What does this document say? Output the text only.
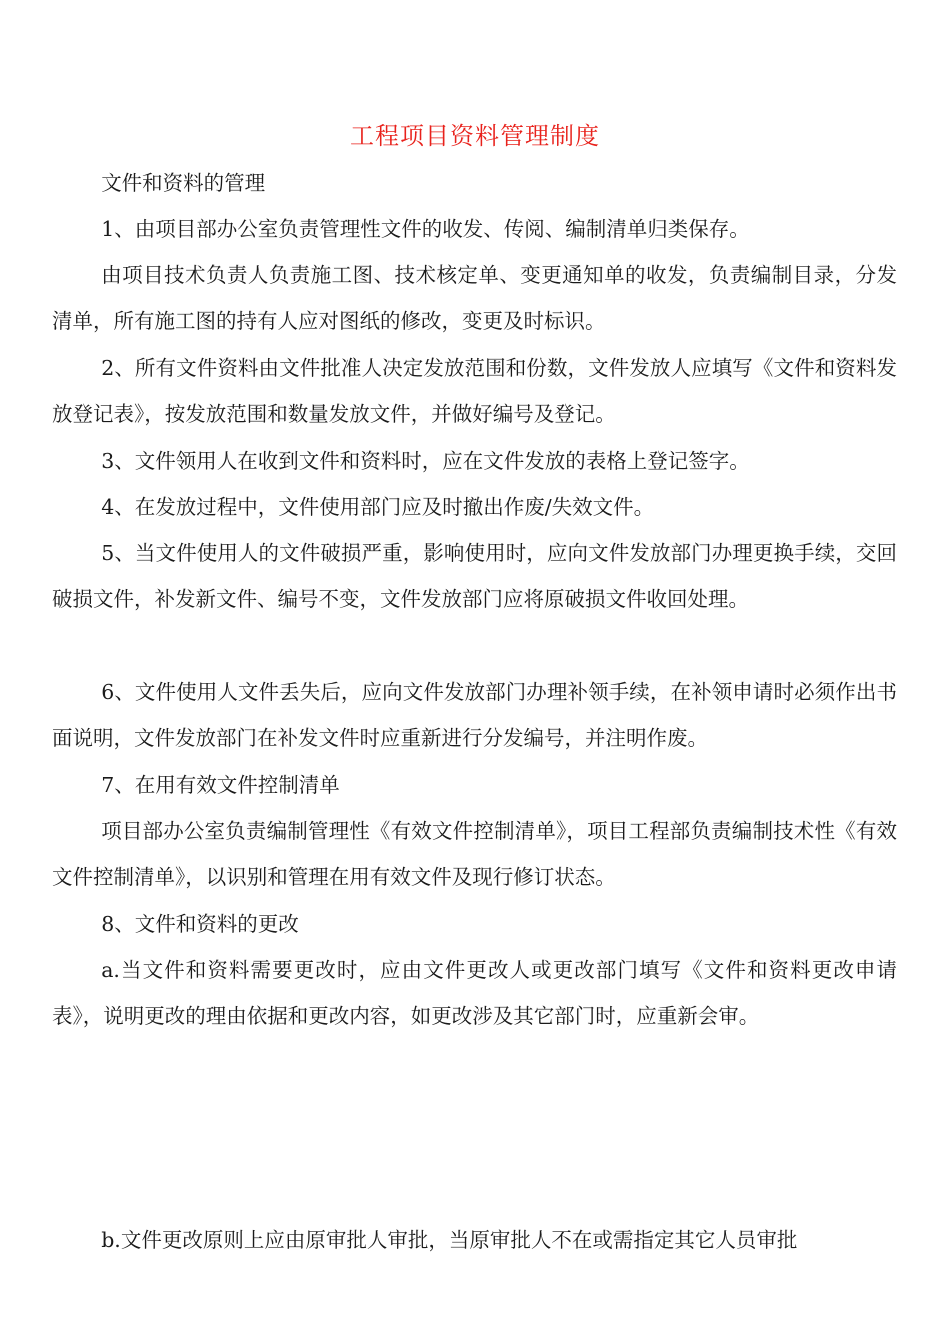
工程项目资料管理制度
文件和资料的管理
1、由项目部办公室负责管理性文件的收发、传阅、编制清单归类保存。
由项目技术负责人负责施工图、技术核定单、变更通知单的收发，负责编制目录，分发清单，所有施工图的持有人应对图纸的修改，变更及时标识。
2、所有文件资料由文件批准人决定发放范围和份数，文件发放人应填写《文件和资料发放登记表》，按发放范围和数量发放文件，并做好编号及登记。
3、文件领用人在收到文件和资料时，应在文件发放的表格上登记签字。
4、在发放过程中，文件使用部门应及时撤出作废/失效文件。
5、当文件使用人的文件破损严重，影响使用时，应向文件发放部门办理更换手续，交回破损文件，补发新文件、编号不变，文件发放部门应将原破损文件收回处理。
6、文件使用人文件丢失后，应向文件发放部门办理补领手续，在补领申请时必须作出书面说明，文件发放部门在补发文件时应重新进行分发编号，并注明作废。
7、在用有效文件控制清单
项目部办公室负责编制管理性《有效文件控制清单》，项目工程部负责编制技术性《有效文件控制清单》，以识别和管理在用有效文件及现行修订状态。
8、文件和资料的更改
a.当文件和资料需要更改时，应由文件更改人或更改部门填写《文件和资料更改申请表》，说明更改的理由依据和更改内容，如更改涉及其它部门时，应重新会审。
b.文件更改原则上应由原审批人审批，当原审批人不在或需指定其它人员审批
